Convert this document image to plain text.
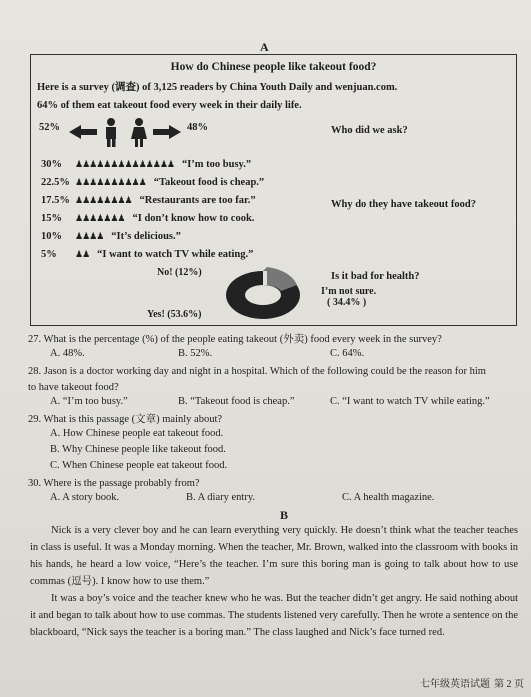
A
How do Chinese people like takeout food?
Here is a survey (调查) of 3,125 readers by China Youth Daily and wenjuan.com.
64% of them eat takeout food every week in their daily life.
52%	48%	Who did we ask?
30% ♟♟♟♟♟♟♟♟♟♟♟♟♟♟ “I’m too busy.”
22.5% ♟♟♟♟♟♟♟♟♟♟ “Takeout food is cheap.”
17.5% ♟♟♟♟♟♟♟♟ “Restaurants are too far.”
15% ♟♟♟♟♟♟♟ “I don’t know how to cook.
10% ♟♟♟♟ “It’s delicious.”
5% ♟♟ “I want to watch TV while eating.”
Why do they have takeout food?
No! (12%)	Is it bad for health?
I’m not sure.
( 34.4% )
Yes! (53.6%)
27. What is the percentage (%) of the people eating takeout (外卖) food every week in the survey?
A. 48%.	B. 52%.	C. 64%.
28. Jason is a doctor working day and night in a hospital. Which of the following could be the reason for him
to have takeout food?
A. “I’m too busy.”	B. “Takeout food is cheap.”	C. “I want to watch TV while eating.”
29. What is this passage (文章) mainly about?
A. How Chinese people eat takeout food.
B. Why Chinese people like takeout food.
C. When Chinese people eat takeout food.
30. Where is the passage probably from?
A. A story book.	B. A diary entry.	C. A health magazine.
B
Nick is a very clever boy and he can learn everything very quickly. He doesn’t think what the teacher teaches in class is useful. It was a Monday morning. When the teacher, Mr. Brown, walked into the classroom with books in his hands, he heard a low voice, “Here’s the teacher. I’m sure this boring man is going to talk about how to use commas (逗号). I know how to use them.”
It was a boy’s voice and the teacher knew who he was. But the teacher didn’t get angry. He said nothing about it and began to talk about how to use commas. The students listened very carefully. Then he wrote a sentence on the blackboard, “Nick says the teacher is a boring man.” The class laughed and Nick’s face turned red.
七年级英语试题 第 2 页
